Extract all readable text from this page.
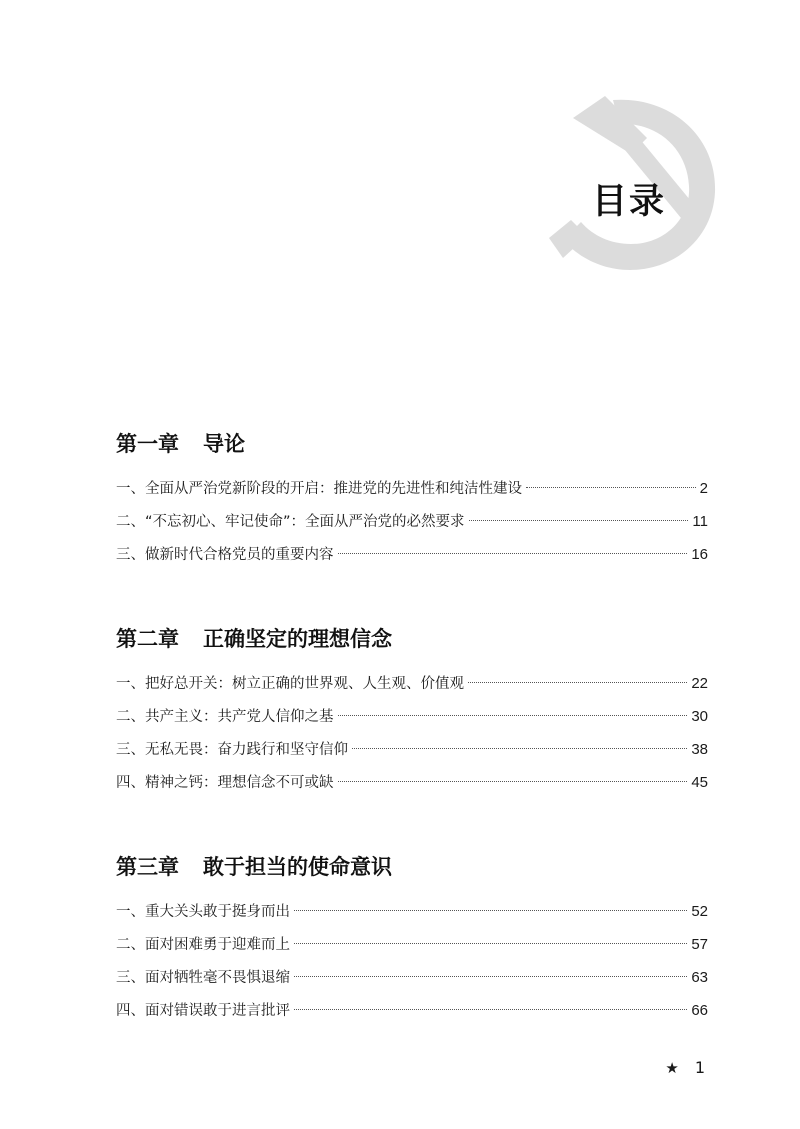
目录
第一章 导论
一、全面从严治党新阶段的开启：推进党的先进性和纯洁性建设	2
二、“不忘初心、牢记使命”：全面从严治党的必然要求	11
三、做新时代合格党员的重要内容	16
第二章 正确坚定的理想信念
一、把好总开关：树立正确的世界观、人生观、价值观	22
二、共产主义：共产党人信仰之基	30
三、无私无畏：奋力践行和坚守信仰	38
四、精神之钙：理想信念不可或缺	45
第三章 敢于担当的使命意识
一、重大关头敢于挺身而出	52
二、面对困难勇于迎难而上	57
三、面对牺牲毫不畏惧退缩	63
四、面对错误敢于进言批评	66
★ 1
